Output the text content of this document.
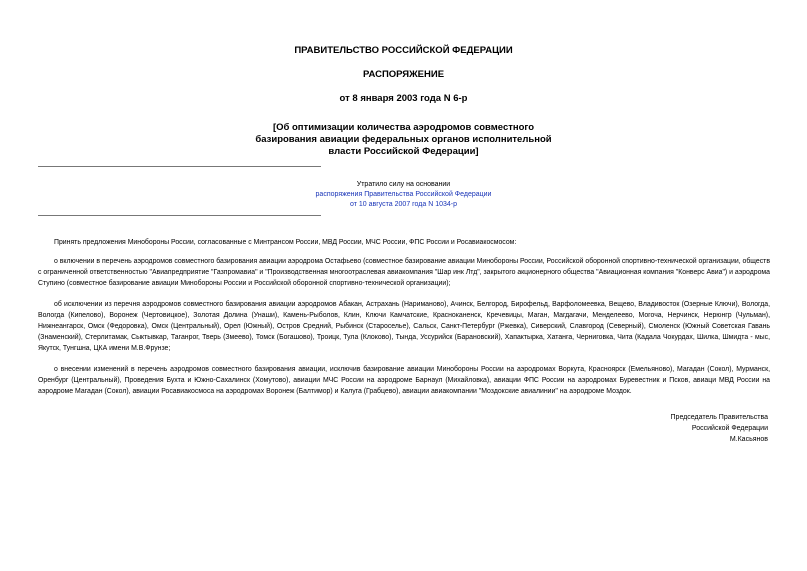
ПРАВИТЕЛЬСТВО РОССИЙСКОЙ ФЕДЕРАЦИИ
РАСПОРЯЖЕНИЕ
от 8 января 2003 года N 6-р
[Об оптимизации количества аэродромов совместного
базирования авиации федеральных органов исполнительной
власти Российской Федерации]
Утратило силу на основании
распоряжения Правительства Российской Федерации
от 10 августа 2007 года N 1034-р
Принять предложения Минобороны России, согласованные с Минтрансом России, МВД России, МЧС России, ФПС России и Росавиакосмосом:
о включении в перечень аэродромов совместного базирования авиации аэродрома Остафьево (совместное базирование авиации Минобороны России, Российской оборонной спортивно-технической организации, обществ с ограниченной ответственностью "Авиапредприятие "Газпромавиа" и "Производственная многоотраслевая авиакомпания "Шар инк Лтд", закрытого акционерного общества "Авиационная компания "Конверс Авиа") и аэродрома Ступино (совместное базирование авиации Минобороны России и Российской оборонной спортивно-технической организации);
об исключении из перечня аэродромов совместного базирования авиации аэродромов Абакан, Астрахань (Нариманово), Ачинск, Белгород, Бирофельд, Варфоломеевка, Вещево, Владивосток (Озерные Ключи), Вологда, Вологда (Кипелово), Воронеж (Чертовицкое), Золотая Долина (Унаши), Камень-Рыболов, Клин, Ключи Камчатские, Красноканенск, Кречевицы, Маган, Магдагачи, Менделеево, Могоча, Нерчинск, Нерюнгр (Чульман), Нижнеангарск, Омск (Федоровка), Омск (Центральный), Орел (Южный), Остров Средний, Рыбинск (Староселье), Сальск, Санкт-Петербург (Ржевка), Сиверский, Славгород (Северный), Смоленск (Южный Советская Гавань (Знаменский), Стерлитамак, Сыктывкар, Таганрог, Тверь (Змеево), Томск (Богашово), Троицк, Тула (Клоково), Тында, Уссурийск (Барановский), Хапактырка, Хатанга, Черниговка, Чита (Кадала Чокурдах, Шилка, Шмидта - мыс, Якутск, Тунгшна, ЦКА имени М.В.Фрунзе;
о внесении изменений в перечень аэродромов совместного базирования авиации, исключив базирование авиации Минобороны России на аэродромах Воркута, Красноярск (Емельяново), Магадан (Сокол), Мурманск, Оренбург (Центральный), Проведения Бухта и Южно-Сахалинск (Хомутово), авиации МЧС России на аэродроме Барнаул (Михайловка), авиации ФПС России на аэродромах Буревестник и Псков, авиаци МВД России на аэродроме Магадан (Сокол), авиации Росавиакосмоса на аэродромах Воронеж (Балтимор) и Калуга (Грабцево), авиации авиакомпании "Моздокские авиалинии" на аэродроме Моздок.
Председатель Правительства
Российской Федерации
М.Касьянов
